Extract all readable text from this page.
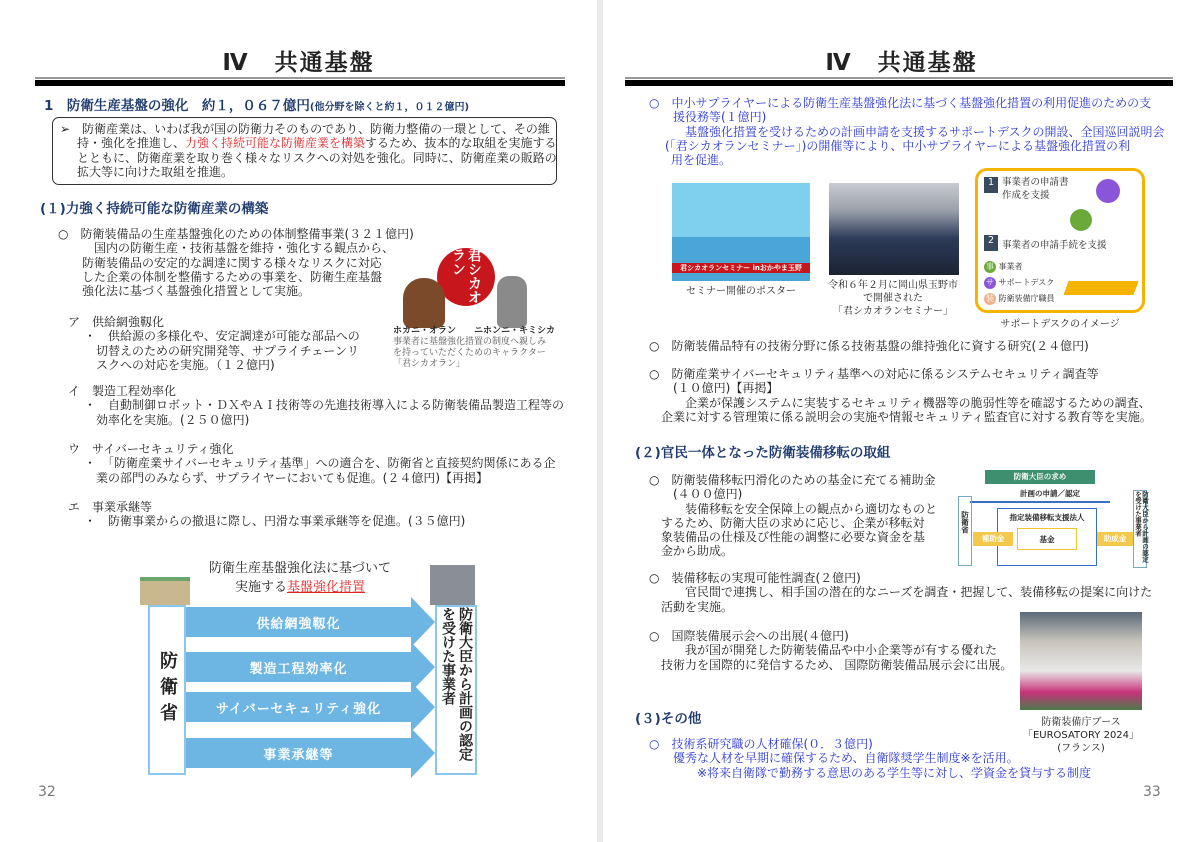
Ⅳ　共通基盤
1　防衛生産基盤の強化　約１，０６７億円(他分野を除くと約１，０１２億円)
➢　 防衛産業は、いわば我が国の防衛力そのものであり、防衛力整備の一環として、その維
持・強化を推進し、力強く持続可能な防衛産業を構築するため、抜本的な取組を実施する
とともに、防衛産業を取り巻く様々なリスクへの対処を強化。同時に、防衛産業の販路の
拡大等に向けた取組を推進。
(１)力強く持続可能な防衛産業の構築
○　 防衛装備品の生産基盤強化のための体制整備事業(３２１億円)
　国内の防衛生産・技術基盤を維持・強化する観点から、
防衛装備品の安定的な調達に関する様々なリスクに対応
した企業の体制を整備するための事業を、防衛生産基盤
強化法に基づく基盤強化措置として実施。
ア　供給網強靱化
・　供給源の多様化や、安定調達が可能な部品への
切替えのための研究開発等、サプライチェーンリ
スクへの対応を実施。（１２億円)
イ　製造工程効率化
・　自動制御ロボット・ＤＸやＡＩ技術等の先進技術導入による防衛装備品製造工程等の
効率化を実施。(２５０億円)
ウ　サイバーセキュリティ強化
・　「防衛産業サイバーセキュリティ基準」への適合を、防衛省と直接契約関係にある企
業の部門のみならず、サプライヤーにおいても促進。(２４億円)【再掲】
エ　事業承継等
・　防衛事業からの撤退に際し、円滑な事業承継等を促進。(３５億円)
君シカオラン
ホカニ・オラン　　 ニホンニ・キミシカ
事業者に基盤強化措置の制度へ親しみ
を持っていただくためのキャラクター
「君シカオラン」
防衛生産基盤強化法に基づいて
実施する基盤強化措置
防衛省
供給網強靱化
製造工程効率化
サイバーセキュリティ強化
事業承継等	防衛大臣から計画の認定を受けた事業者
32
Ⅳ　共通基盤
○　 中小サプライヤーによる防衛生産基盤強化法に基づく基盤強化措置の利用促進のための支
援役務等(１億円)
　基盤強化措置を受けるための計画申請を支援するサポートデスクの開設、全国巡回説明会
(「君シカオランセミナー」)の開催等により、中小サプライヤーによる基盤強化措置の利
用を促進。
君シカオランセミナー inおかやま玉野
セミナー開催のポスター
令和６年２月に岡山県玉野市
で開催された
「君シカオランセミナー」
1 事業者の申請書
作成を支援
2 事業者の申請手続を支援
事 事業者
サ サポートデスク
装 防衛装備庁職員
サポートデスクのイメージ
○　 防衛装備品特有の技術分野に係る技術基盤の維持強化に資する研究(２４億円)
○　 防衛産業サイバーセキュリティ基準への対応に係るシステムセキュリティ調査等
(１０億円)【再掲】
　企業が保護システムに実装するセキュリティ機器等の脆弱性等を確認するための調査、
企業に対する管理策に係る説明会の実施や情報セキュリティ監査官に対する教育等を実施。
(２)官民一体となった防衛装備移転の取組
○　 防衛装備移転円滑化のための基金に充てる補助金
(４００億円)
　装備移転を安全保障上の観点から適切なものと
するため、防衛大臣の求めに応じ、企業が移転対
象装備品の仕様及び性能の調整に必要な資金を基
金から助成。
防衛大臣の求め
計画の申請／認定
防衛省	指定装備移転支援法人
基金
補助金	助成金	防衛大臣から計画の認定を受けた事業者
○　 装備移転の実現可能性調査(２億円)
　官民間で連携し、相手国の潜在的なニーズを調査・把握して、装備移転の提案に向けた
活動を実施。
○　 国際装備展示会への出展(４億円)
　我が国が開発した防衛装備品や中小企業等が有する優れた
技術力を国際的に発信するため、 国際防衛装備品展示会に出展。
防衛装備庁ブース
「EUROSATORY 2024」
(フランス)
(３)その他
○　 技術系研究職の人材確保(０．３億円)
優秀な人材を早期に確保するため、自衛隊奨学生制度※を活用。
　　※将来自衛隊で勤務する意思のある学生等に対し、学資金を貸与する制度
33
